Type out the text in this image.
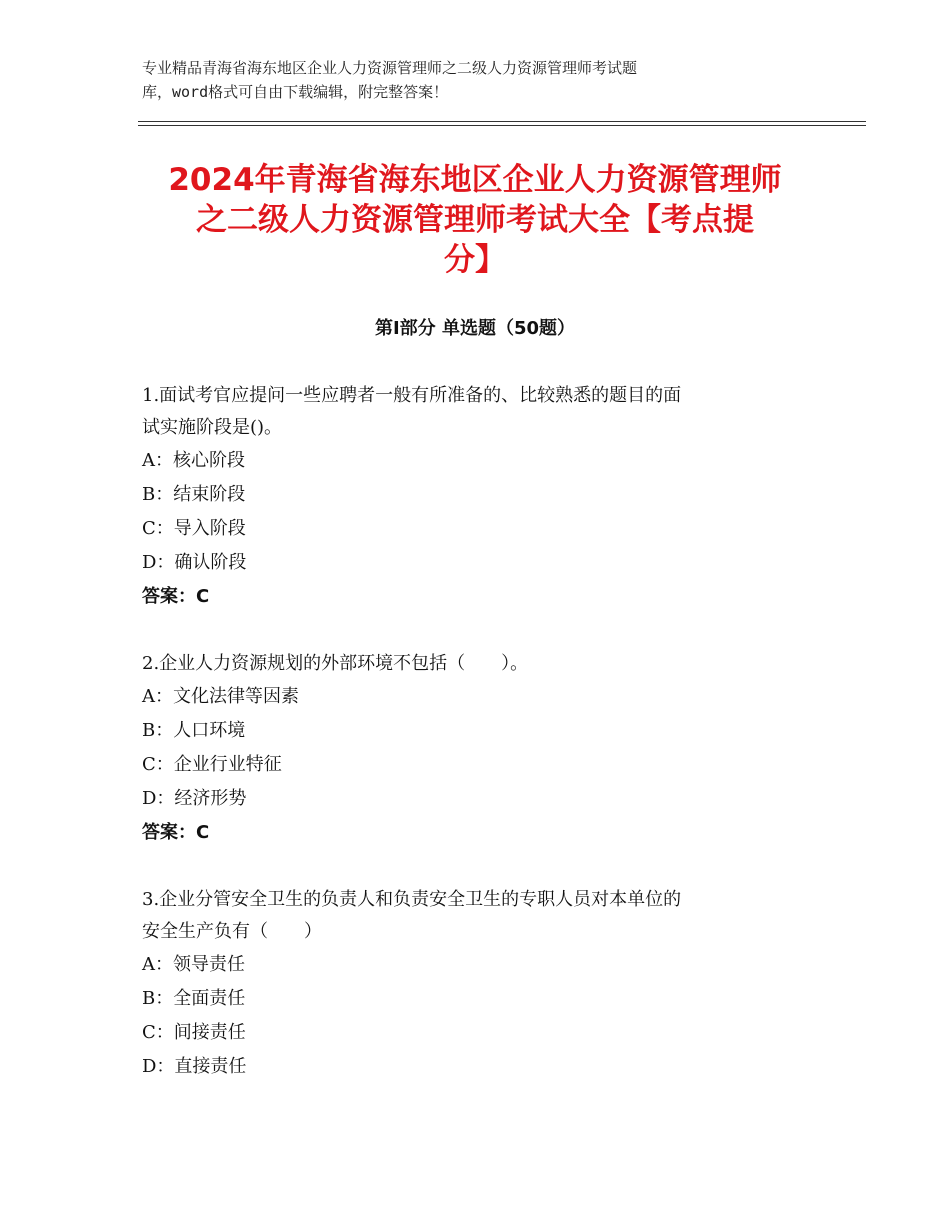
专业精品青海省海东地区企业人力资源管理师之二级人力资源管理师考试题
库，word格式可自由下载编辑，附完整答案！
2024年青海省海东地区企业人力资源管理师
之二级人力资源管理师考试大全【考点提
分】
第Ⅰ部分 单选题（50题）

1.面试考官应提问一些应聘者一般有所准备的、比较熟悉的题目的面

试实施阶段是()。

A：核心阶段

B：结束阶段

C：导入阶段

D：确认阶段

答案：C

2.企业人力资源规划的外部环境不包括（　　）。

A：文化法律等因素

B：人口环境

C：企业行业特征

D：经济形势

答案：C

3.企业分管安全卫生的负责人和负责安全卫生的专职人员对本单位的

安全生产负有（　　）

A：领导责任

B：全面责任

C：间接责任

D：直接责任
